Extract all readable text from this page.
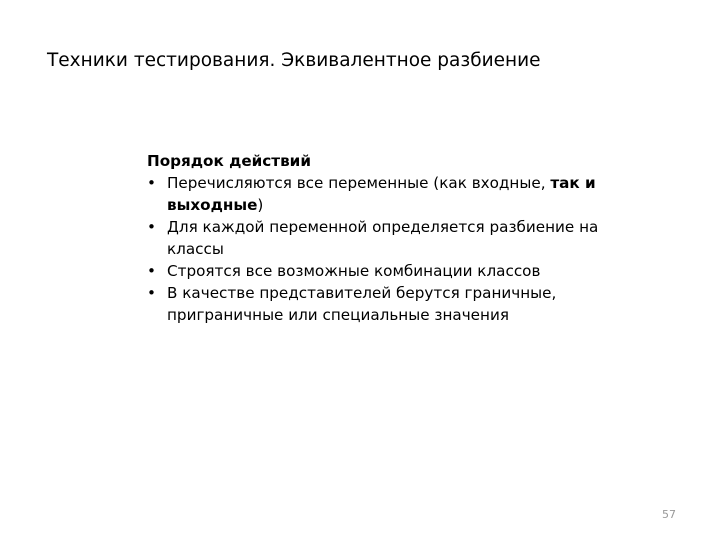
Техники тестирования. Эквивалентное разбиение

Порядок действий

• Перечисляются все переменные (как входные, так и выходные)
• Для каждой переменной определяется разбиение на классы
• Строятся все возможные комбинации классов
• В качестве представителей берутся граничные, приграничные или специальные значения
57
